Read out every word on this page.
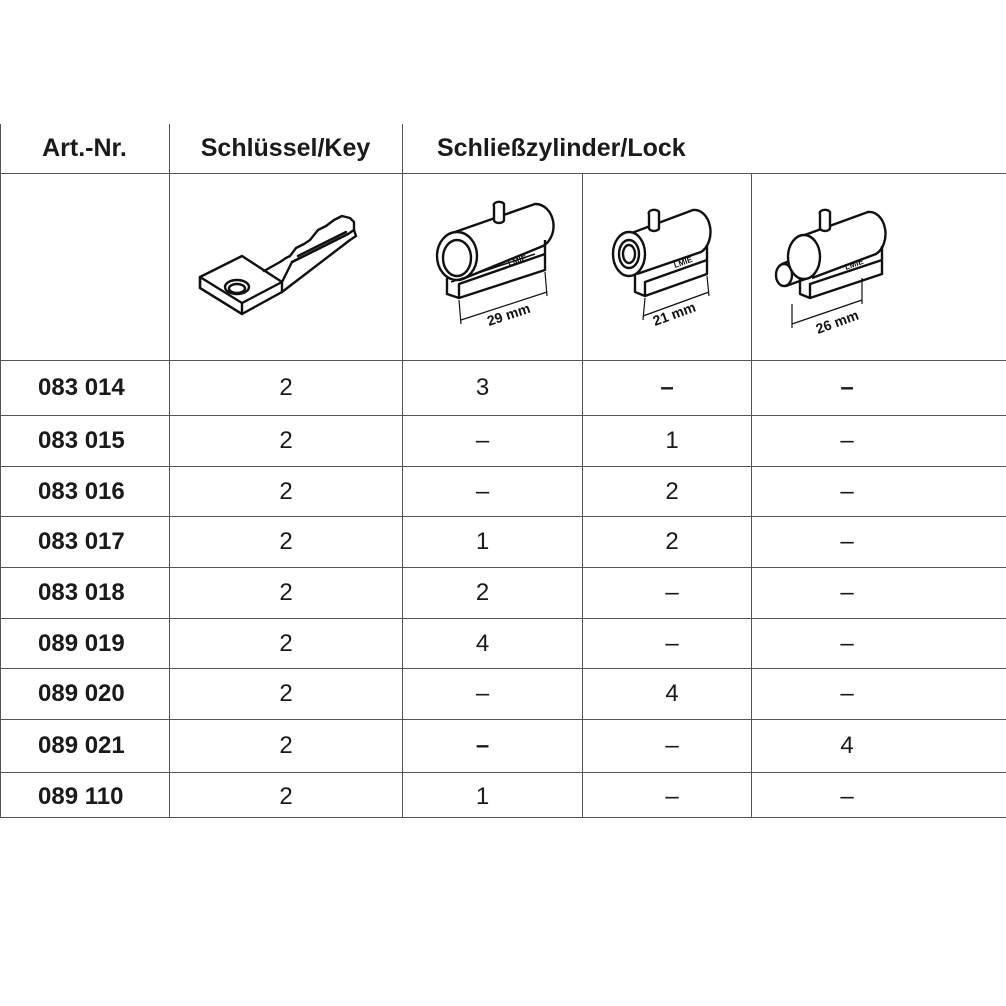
Art.-Nr.	Schlüssel/Key	Schließzylinder/Lock
LMIE
29 mm
LMIE
21 mm
LMIE
26 mm
083 014	2	3	–	–
083 015	2	–	1	–
083 016	2	–	2	–
083 017	2	1	2	–
083 018	2	2	–	–
089 019	2	4	–	–
089 020	2	–	4	–
089 021	2	–	–	4
089 110	2	1	–	–
